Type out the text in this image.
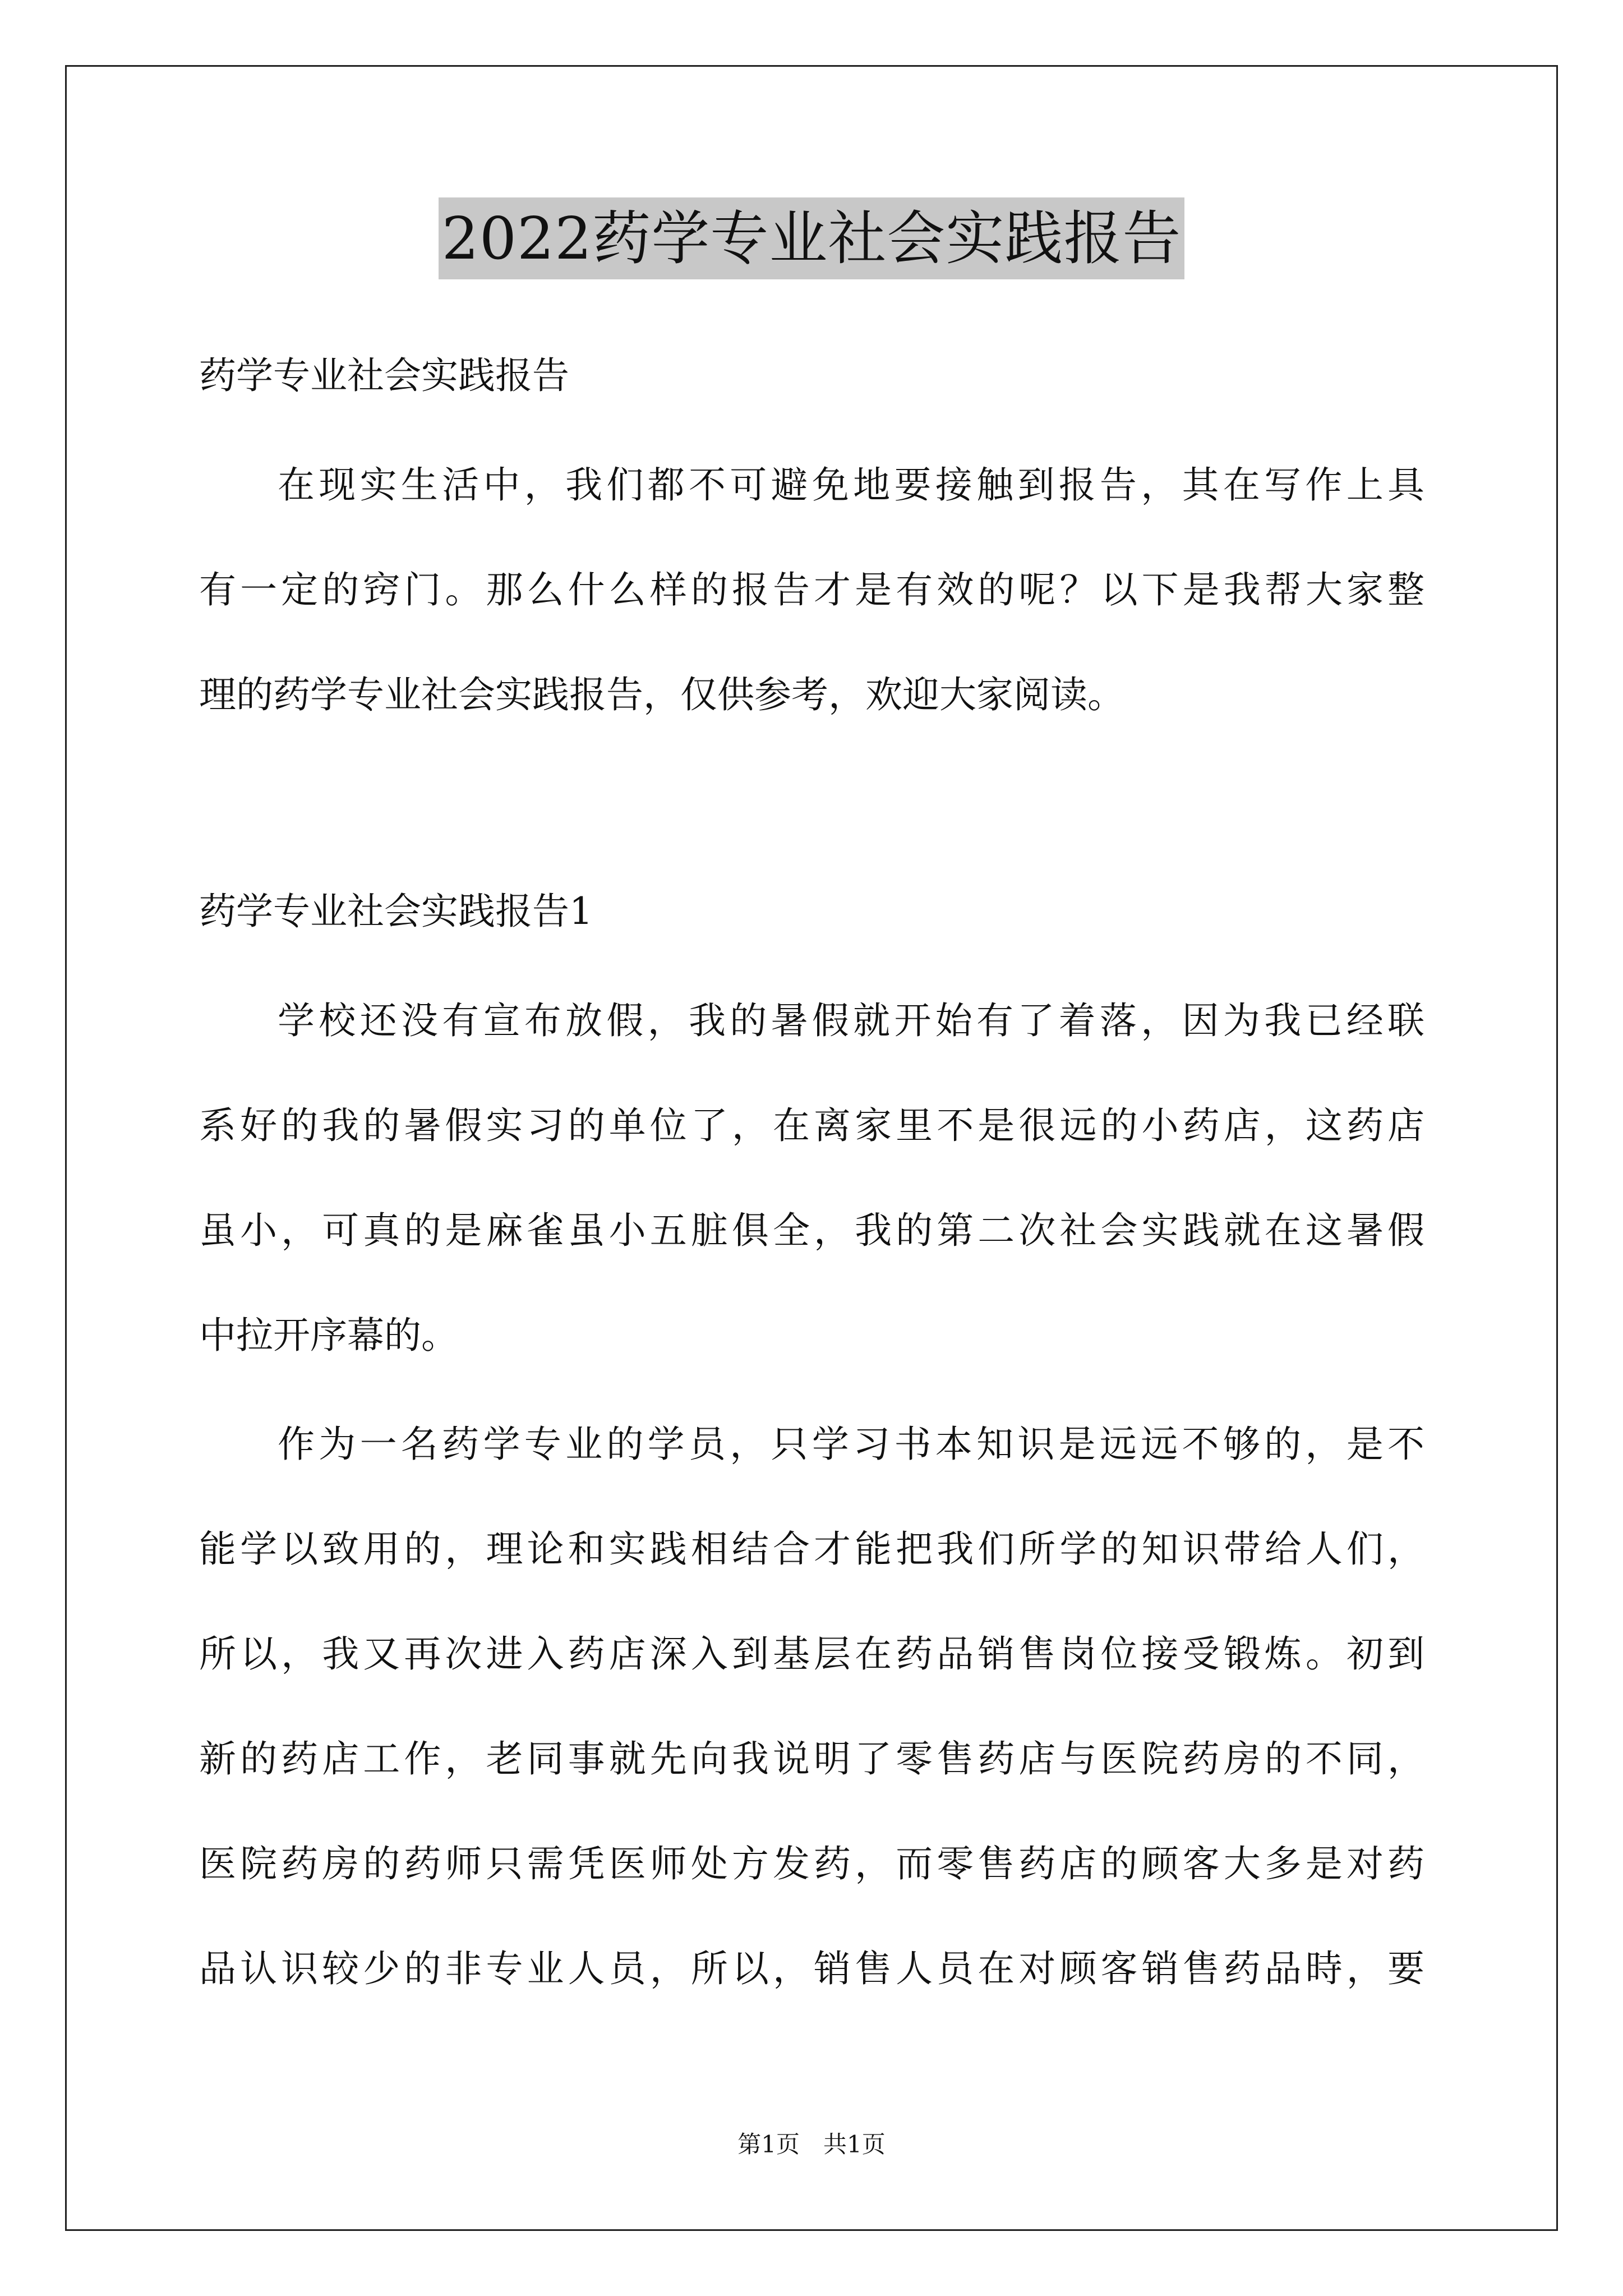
2022药学专业社会实践报告
药学专业社会实践报告
在现实生活中，我们都不可避免地要接触到报告，其在写作上具
有一定的窍门。那么什么样的报告才是有效的呢？以下是我帮大家整
理的药学专业社会实践报告，仅供参考，欢迎大家阅读。
药学专业社会实践报告1
学校还没有宣布放假，我的暑假就开始有了着落，因为我已经联
系好的我的暑假实习的单位了，在离家里不是很远的小药店，这药店
虽小，可真的是麻雀虽小五脏俱全，我的第二次社会实践就在这暑假
中拉开序幕的。
作为一名药学专业的学员，只学习书本知识是远远不够的，是不
能学以致用的，理论和实践相结合才能把我们所学的知识带给人们，
所以，我又再次进入药店深入到基层在药品销售岗位接受锻炼。初到
新的药店工作，老同事就先向我说明了零售药店与医院药房的不同，
医院药房的药师只需凭医师处方发药，而零售药店的顾客大多是对药
品认识较少的非专业人员，所以，销售人员在对顾客销售药品時，要
第1页　共1页
